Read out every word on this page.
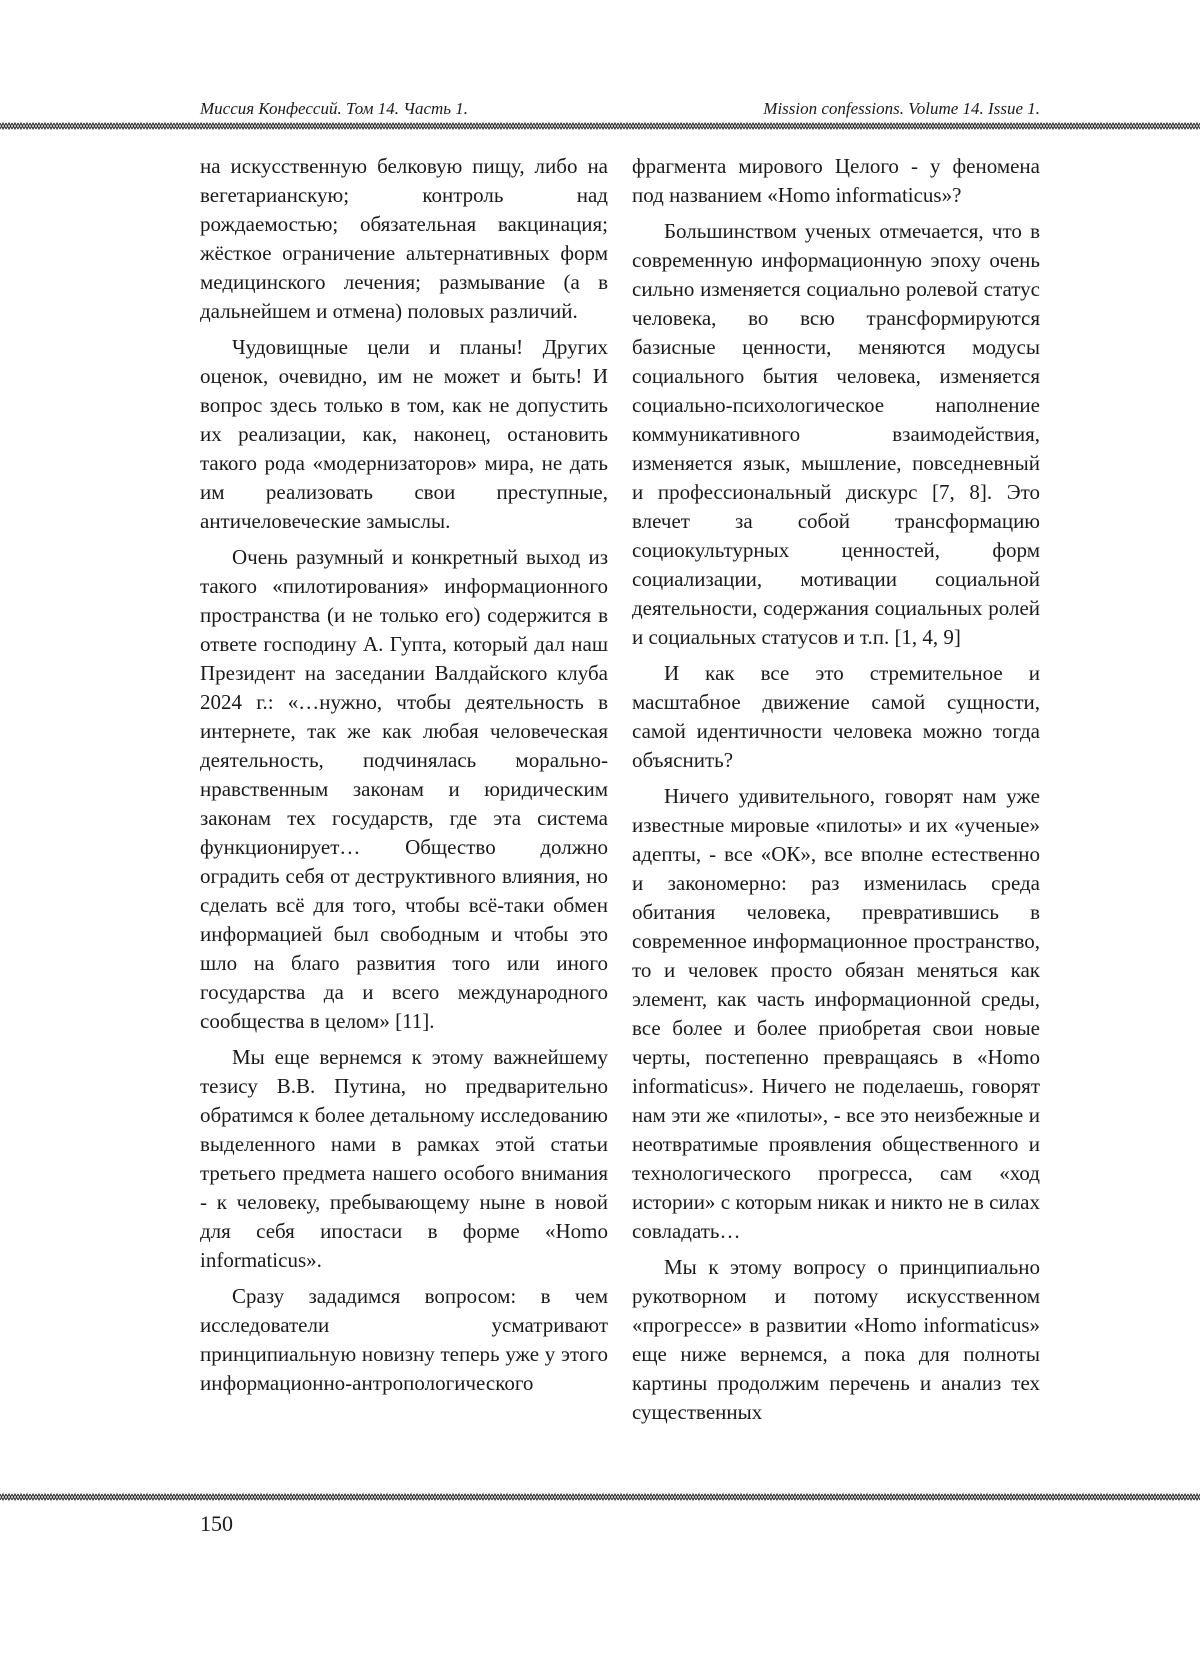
Миссия Конфессий. Том 14. Часть 1.	Mission confessions. Volume 14. Issue 1.

на искусственную белковую пищу, либо на вегетарианскую; контроль над рождаемостью; обязательная вакцинация; жёсткое ограничение альтернативных форм медицинского лечения; размывание (а в дальнейшем и отмена) половых различий.

Чудовищные цели и планы! Других оценок, очевидно, им не может и быть! И вопрос здесь только в том, как не допустить их реализации, как, наконец, остановить такого рода «модернизаторов» мира, не дать им реализовать свои преступные, античеловеческие замыслы.

Очень разумный и конкретный выход из такого «пилотирования» информационного пространства (и не только его) содержится в ответе господину А. Гупта, который дал наш Президент на заседании Валдайского клуба 2024 г.: «…нужно, чтобы деятельность в интернете, так же как любая человеческая деятельность, подчинялась морально-нравственным законам и юридическим законам тех государств, где эта система функционирует… Общество должно оградить себя от деструктивного влияния, но сделать всё для того, чтобы всё-таки обмен информацией был свободным и чтобы это шло на благо развития того или иного государства да и всего международного сообщества в целом» [11].

Мы еще вернемся к этому важнейшему тезису В.В. Путина, но предварительно обратимся к более детальному исследованию выделенного нами в рамках этой статьи третьего предмета нашего особого внимания - к человеку, пребывающему ныне в новой для себя ипостаси в форме «Homo informaticus».

Сразу зададимся вопросом: в чем исследователи усматривают принципиальную новизну теперь уже у этого информационно-антропологического

фрагмента мирового Целого - у феномена под названием «Homo informaticus»?

Большинством ученых отмечается, что в современную информационную эпоху очень сильно изменяется социально ролевой статус человека, во всю трансформируются базисные ценности, меняются модусы социального бытия человека, изменяется социально-психологическое наполнение коммуникативного взаимодействия, изменяется язык, мышление, повседневный и профессиональный дискурс [7, 8]. Это влечет за собой трансформацию социокультурных ценностей, форм социализации, мотивации социальной деятельности, содержания социальных ролей и социальных статусов и т.п. [1, 4, 9]

И как все это стремительное и масштабное движение самой сущности, самой идентичности человека можно тогда объяснить?

Ничего удивительного, говорят нам уже известные мировые «пилоты» и их «ученые» адепты, - все «ОК», все вполне естественно и закономерно: раз изменилась среда обитания человека, превратившись в современное информационное пространство, то и человек просто обязан меняться как элемент, как часть информационной среды, все более и более приобретая свои новые черты, постепенно превращаясь в «Homo informaticus». Ничего не поделаешь, говорят нам эти же «пилоты», - все это неизбежные и неотвратимые проявления общественного и технологического прогресса, сам «ход истории» с которым никак и никто не в силах совладать…

Мы к этому вопросу о принципиально рукотворном и потому искусственном «прогрессе» в развитии «Homo informaticus» еще ниже вернемся, а пока для полноты картины продолжим перечень и анализ тех существенных

150
